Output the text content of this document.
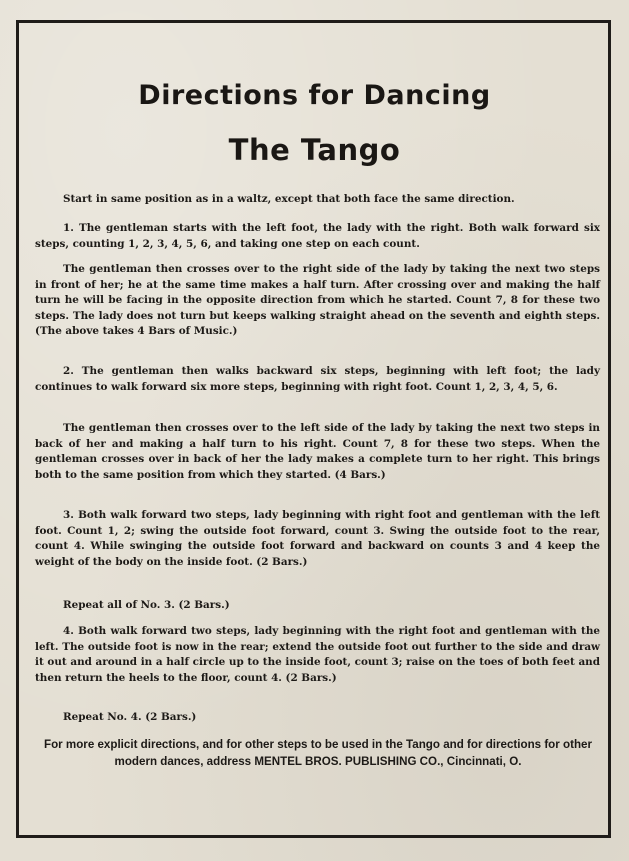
Directions for Dancing
The Tango

Start in same position as in a waltz, except that both face the same direction.

1. The gentleman starts with the left foot, the lady with the right. Both walk forward six steps, counting 1, 2, 3, 4, 5, 6, and taking one step on each count.

The gentleman then crosses over to the right side of the lady by taking the next two steps in front of her; he at the same time makes a half turn. After crossing over and making the half turn he will be facing in the opposite direction from which he started. Count 7, 8 for these two steps. The lady does not turn but keeps walking straight ahead on the seventh and eighth steps. (The above takes 4 Bars of Music.)

2. The gentleman then walks backward six steps, beginning with left foot; the lady continues to walk forward six more steps, beginning with right foot. Count 1, 2, 3, 4, 5, 6.

The gentleman then crosses over to the left side of the lady by taking the next two steps in back of her and making a half turn to his right. Count 7, 8 for these two steps. When the gentleman crosses over in back of her the lady makes a complete turn to her right. This brings both to the same position from which they started. (4 Bars.)

3. Both walk forward two steps, lady beginning with right foot and gentleman with the left foot. Count 1, 2; swing the outside foot forward, count 3. Swing the outside foot to the rear, count 4. While swinging the outside foot forward and backward on counts 3 and 4 keep the weight of the body on the inside foot. (2 Bars.)

Repeat all of No. 3. (2 Bars.)

4. Both walk forward two steps, lady beginning with the right foot and gentleman with the left. The outside foot is now in the rear; extend the outside foot out further to the side and draw it out and around in a half circle up to the inside foot, count 3; raise on the toes of both feet and then return the heels to the floor, count 4. (2 Bars.)

Repeat No. 4. (2 Bars.)

For more explicit directions, and for other steps to be used in the Tango and for directions for other modern dances, address MENTEL BROS. PUBLISHING CO., Cincinnati, O.
